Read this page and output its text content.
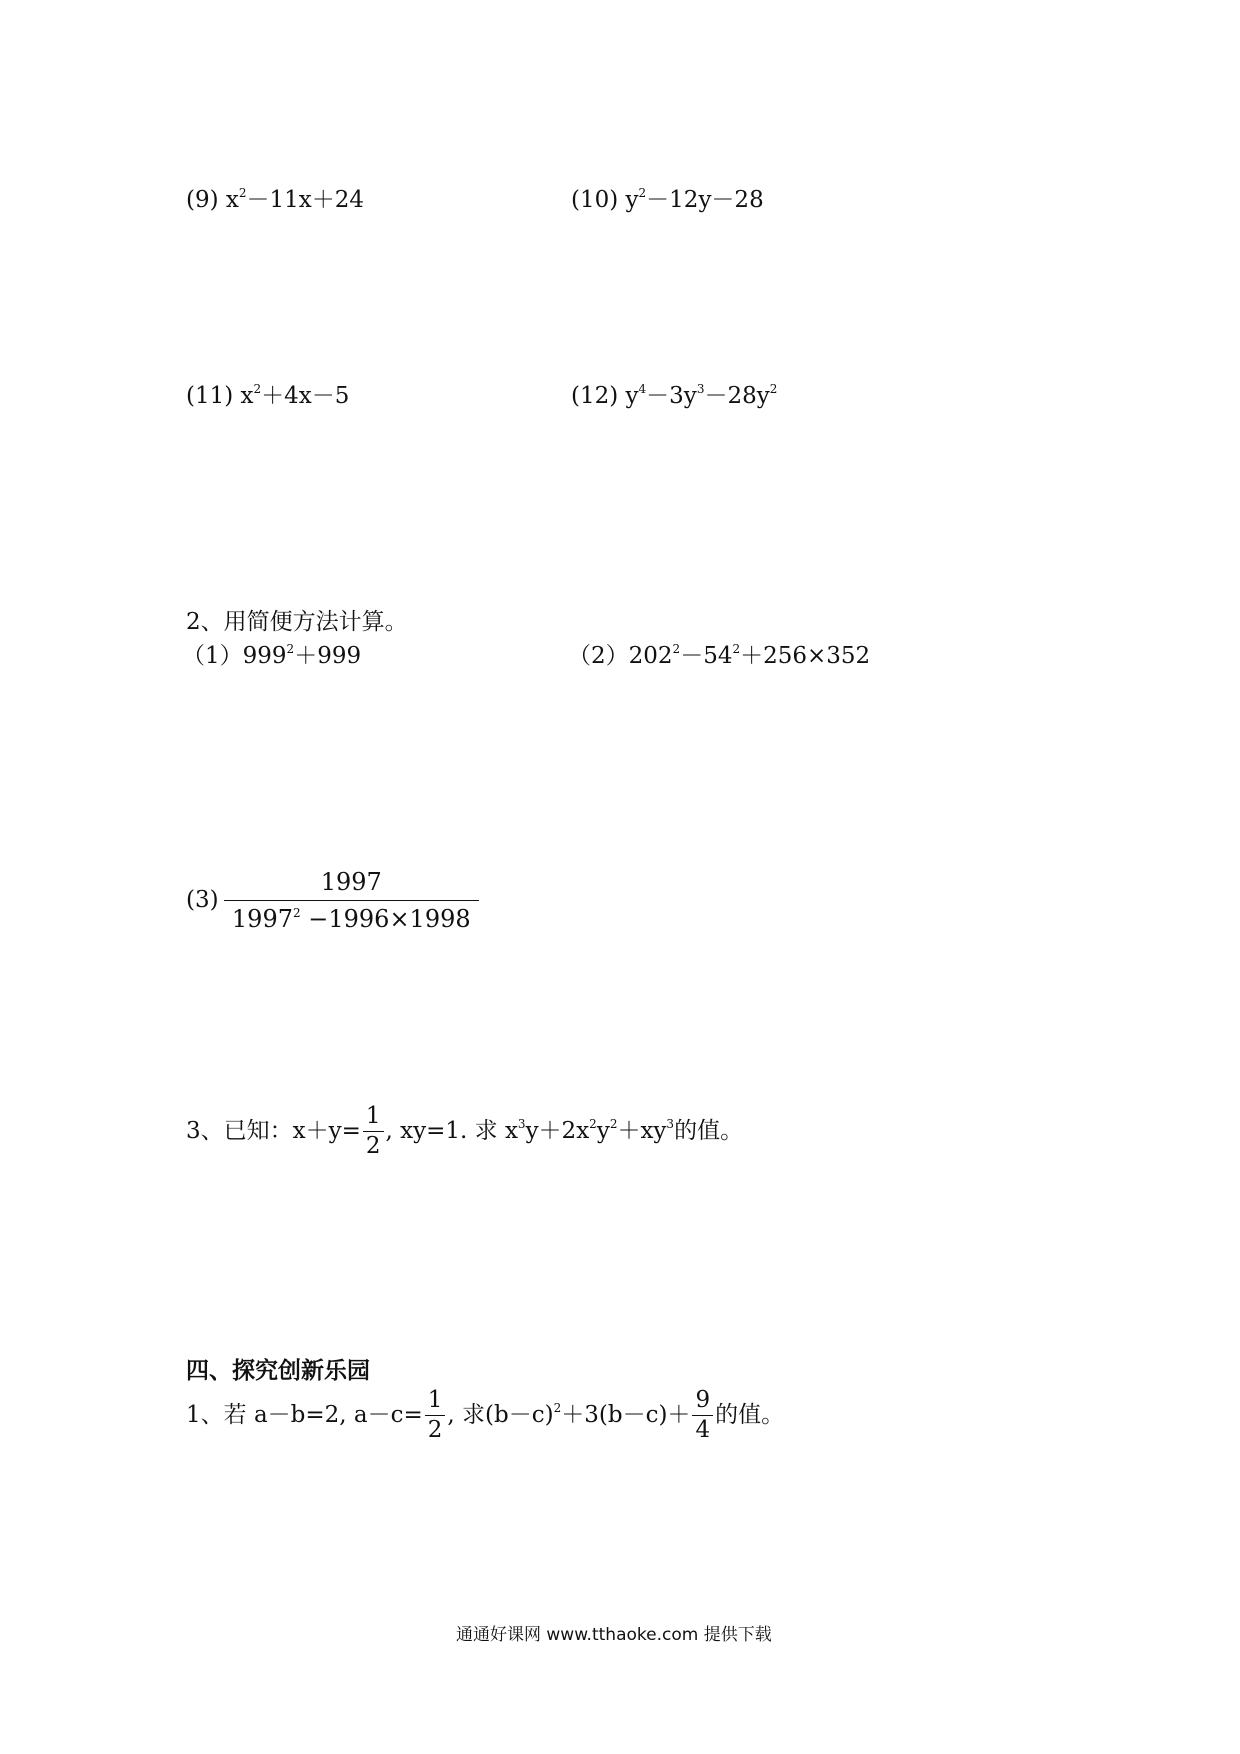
(9) $x^2-11x+24$	(10) $y^2-12y-28$
(11) $x^2+4x-5$	(12) $y^4-3y^3-28y^2$
2、用简便方法计算。
$(1)999^2+999$	$(2)202^2-54^2+256\times 352$
$(3) \frac{1997}{1997^2 -1996\times 1998}$
3、已知：$x+y= \frac{1}{2}$ , xy=1. 求 $x^3y+2x^2y^2+xy^3$的值。
四、探究创新乐园
1、若 a－b=2, $a-c= \frac{1}{2}$ , 求$(b-c)^2+3(b-c)+ \frac{9}{4}$ 的值。
通通好课网 www.tthaoke.com 提供下载
